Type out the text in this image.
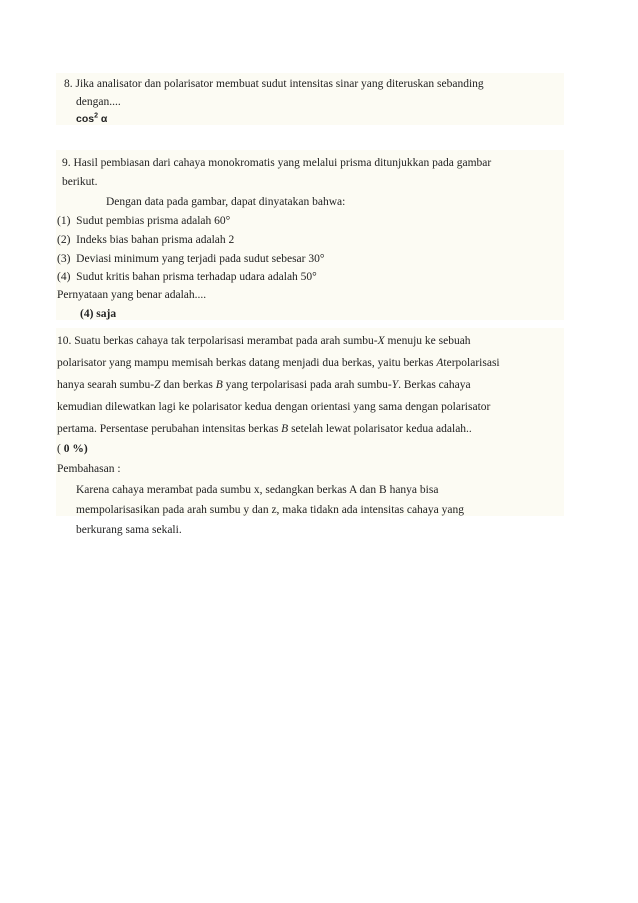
8. Jika analisator dan polarisator membuat sudut intensitas sinar yang diteruskan sebanding
dengan....
$\cos^2 \alpha$
9. Hasil pembiasan dari cahaya monokromatis yang melalui prisma ditunjukkan pada gambar
berikut.
Dengan data pada gambar, dapat dinyatakan bahwa:
(1) Sudut pembias prisma adalah 60°
(2) Indeks bias bahan prisma adalah 2
(3) Deviasi minimum yang terjadi pada sudut sebesar 30°
(4) Sudut kritis bahan prisma terhadap udara adalah 50°
Pernyataan yang benar adalah....
(4) saja
10. Suatu berkas cahaya tak terpolarisasi merambat pada arah sumbu-X menuju ke sebuah
polarisator yang mampu memisah berkas datang menjadi dua berkas, yaitu berkas Aterpolarisasi
hanya searah sumbu-Z dan berkas B yang terpolarisasi pada arah sumbu-Y. Berkas cahaya
kemudian dilewatkan lagi ke polarisator kedua dengan orientasi yang sama dengan polarisator
pertama. Persentase perubahan intensitas berkas B setelah lewat polarisator kedua adalah..
( 0 %)
Pembahasan :
Karena cahaya merambat pada sumbu x, sedangkan berkas A dan B hanya bisa
mempolarisasikan pada arah sumbu y dan z, maka tidakn ada intensitas cahaya yang
berkurang sama sekali.
